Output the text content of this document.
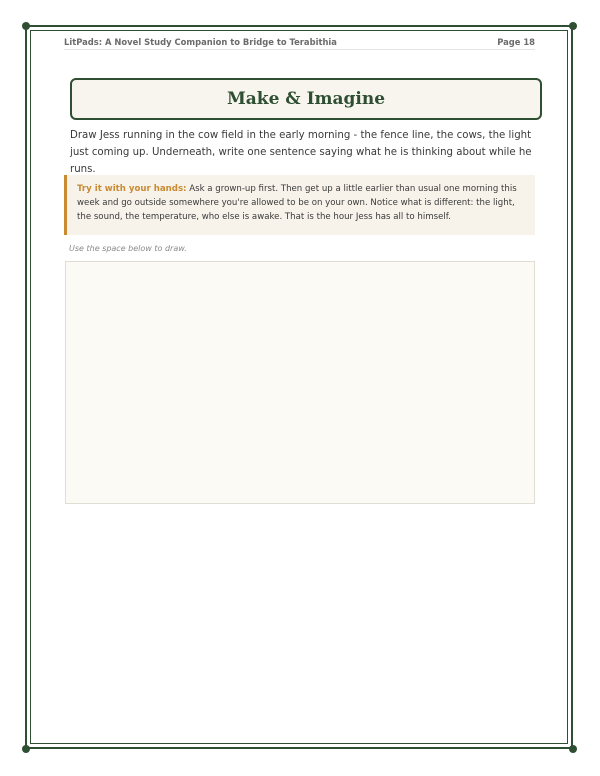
LitPads: A Novel Study Companion to Bridge to Terabithia	Page 18
Make & Imagine
Draw Jess running in the cow field in the early morning - the fence line, the cows, the light just coming up. Underneath, write one sentence saying what he is thinking about while he runs.
Try it with your hands: Ask a grown-up first. Then get up a little earlier than usual one morning this week and go outside somewhere you're allowed to be on your own. Notice what is different: the light, the sound, the temperature, who else is awake. That is the hour Jess has all to himself.
Use the space below to draw.
